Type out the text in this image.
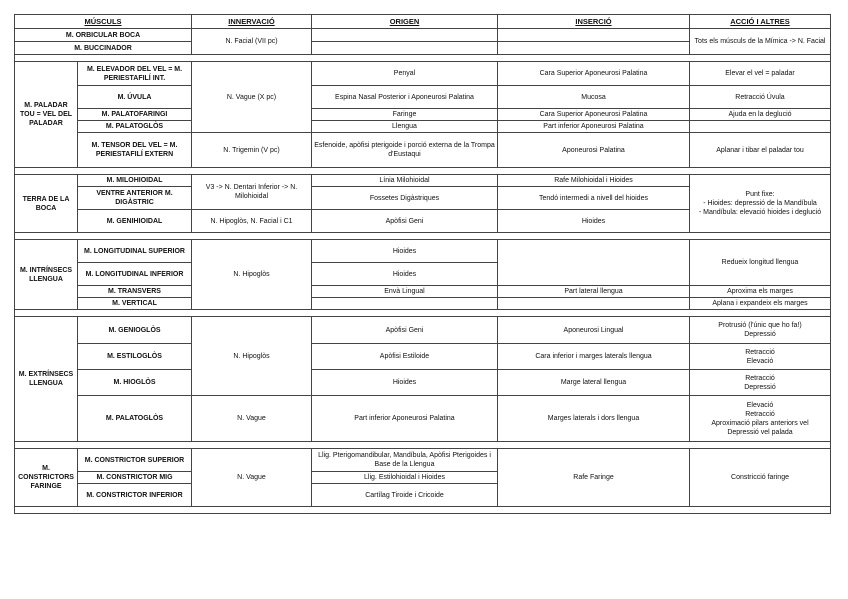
MÚSCULS		INNERVACIÓ	ORIGEN	INSERCIÓ	ACCIÓ I ALTRES
M. ORBICULAR BOCA		N. Facial (VII pc)			Tots els músculs de la Mímica -> N. Facial
M. BUCCINADOR					

M. PALADAR TOU = VEL DEL PALADAR	M. ELEVADOR DEL VEL = M. PERIESTAFILÍ INT.	N. Vague (X pc)	Penyal	Cara Superior Aponeurosi Palatina	Elevar el vel = paladar
	M. ÚVULA		Espina Nasal Posterior i Aponeurosi Palatina	Mucosa	Retracció Úvula
	M. PALATOFARINGI		Faringe	Cara Superior Aponeurosi Palatina	Ajuda en la deglució
	M. PALATOGLÒS		Llengua	Part inferior Aponeurosi Palatina	
	M. TENSOR DEL VEL = M. PERIESTAFILÍ EXTERN	N. Trigemin (V pc)	Esfenoide, apòfisi pterigoide i porció externa de la Trompa d'Eustaqui	Aponeurosi Palatina	Aplanar i tibar el paladar tou

TERRA DE LA BOCA	M. MILOHIOIDAL	V3 -> N. Dentari Inferior -> N. Milohioidal	Línia Milohioidal	Rafe Milohioidal i Hioides	Punt fixe:
- Hioides: depressió de la Mandíbula
- Mandíbula: elevació hioides i deglució

	VENTRE ANTERIOR M. DIGÀSTRIC		Fossetes Digàstriques	Tendó intermedi a nivell del hioides	
	M. GENIHIOIDAL	N. Hipoglòs, N. Facial i C1	Apòfisi Geni	Hioides	

M. INTRÍNSECS LLENGUA	M. LONGITUDINAL SUPERIOR	N. Hipoglòs	Hioides		Redueix longitud llengua
	M. LONGITUDINAL INFERIOR		Hioides		
	M. TRANSVERS		Envà Lingual	Part lateral llengua	Aproxima els marges
	M. VERTICAL				Aplana i expandeix els marges

M. EXTRÍNSECS LLENGUA	M. GENIOGLÒS	N. Hipoglòs	Apòfisi Geni	Aponeurosi Lingual	Protrusió (l'únic que ho fa!)
Depressió

	M. ESTILOGLÒS		Apòfisi Estiloide	Cara inferior i marges laterals llengua	Retracció
Elevació

	M. HIOGLÒS		Hioides	Marge lateral llengua	Retracció
Depressió

	M. PALATOGLÒS	N. Vague	Part inferior Aponeurosi Palatina	Marges laterals i dors llengua	Elevació
Retracció
Aproximació pilars anteriors vel
Depressió vel palada

M. CONSTRICTORS FARINGE	M. CONSTRICTOR SUPERIOR	N. Vague	Llig. Pterigomandibular, Mandíbula, Apòfisi Pterigoides i Base de la Llengua	Rafe Faringe	Constricció faringe
	M. CONSTRICTOR MIG		Llig. Estilohioidal i Hioides		
	M. CONSTRICTOR INFERIOR		Cartílag Tiroide i Cricoide		
